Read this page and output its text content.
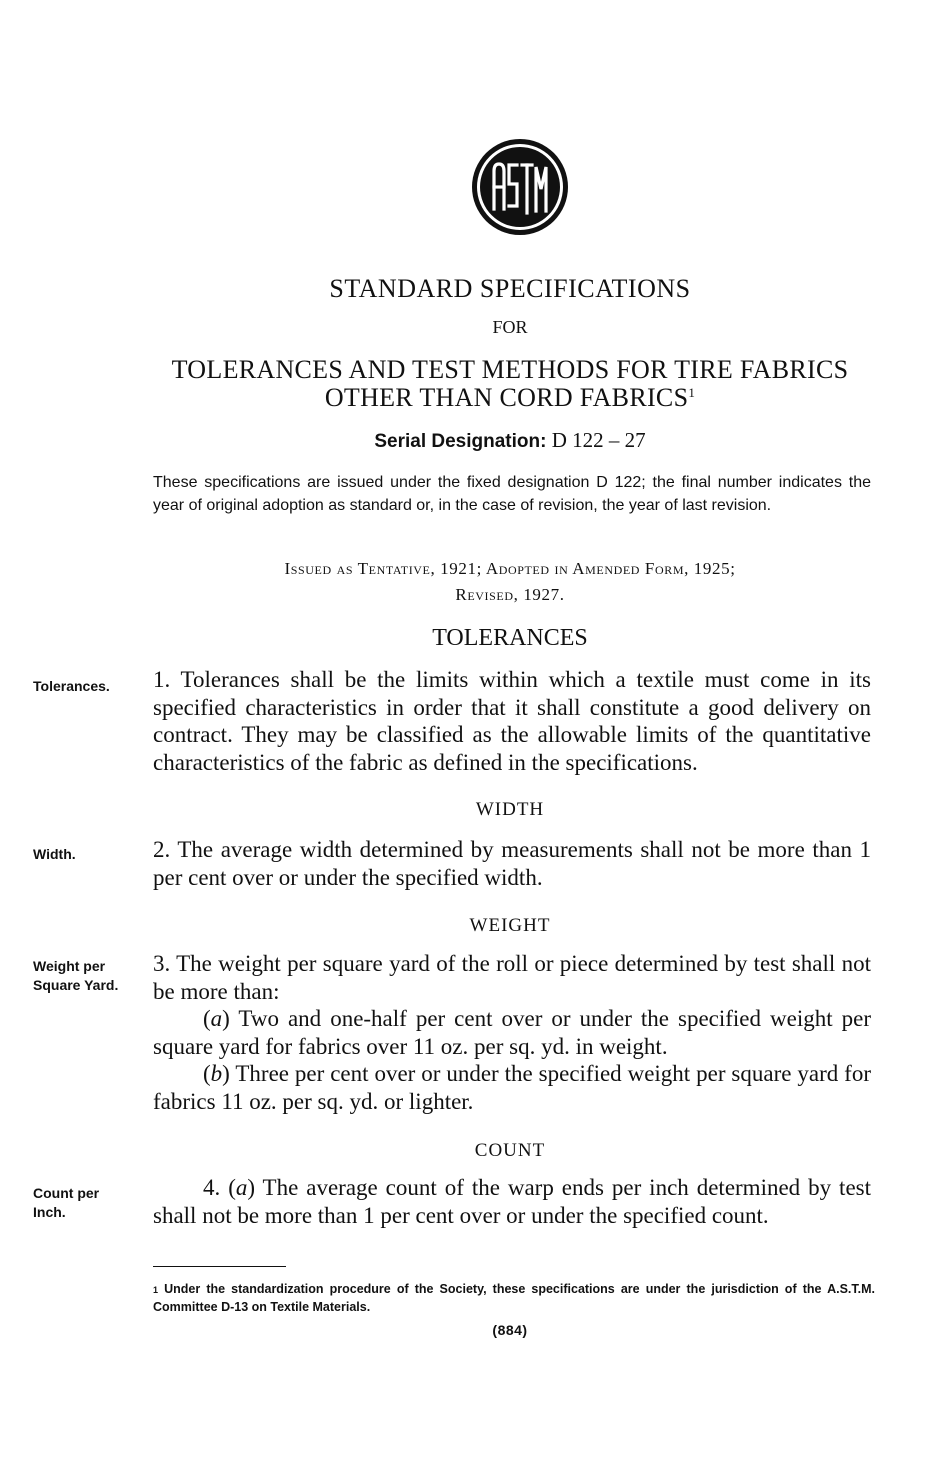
STANDARD SPECIFICATIONS
FOR
TOLERANCES AND TEST METHODS FOR TIRE FABRICS
OTHER THAN CORD FABRICS$^1$
Serial Designation: D 122 – 27
These specifications are issued under the fixed designation D 122; the final number indicates the year of original adoption as standard or, in the case of revision, the year of last revision.
Issued as Tentative, 1921; Adopted in Amended Form, 1925;
Revised, 1927.
TOLERANCES
Tolerances.	1. Tolerances shall be the limits within which a textile must come in its specified characteristics in order that it shall constitute a good delivery on contract. They may be classified as the allowable limits of the quantitative characteristics of the fabric as defined in the specifications.
WIDTH
Width.	2. The average width determined by measurements shall not be more than 1 per cent over or under the specified width.
WEIGHT
Weight per
Square Yard.
3. The weight per square yard of the roll or piece determined by test shall not be more than:
(a) Two and one-half per cent over or under the specified weight per square yard for fabrics over 11 oz. per sq. yd. in weight.
(b) Three per cent over or under the specified weight per square yard for fabrics 11 oz. per sq. yd. or lighter.
COUNT
Count per
Inch.
4. (a) The average count of the warp ends per inch determined by test shall not be more than 1 per cent over or under the specified count.
$^1$ Under the standardization procedure of the Society, these specifications are under the jurisdiction of the A.S.T.M. Committee D-13 on Textile Materials.
(884)
